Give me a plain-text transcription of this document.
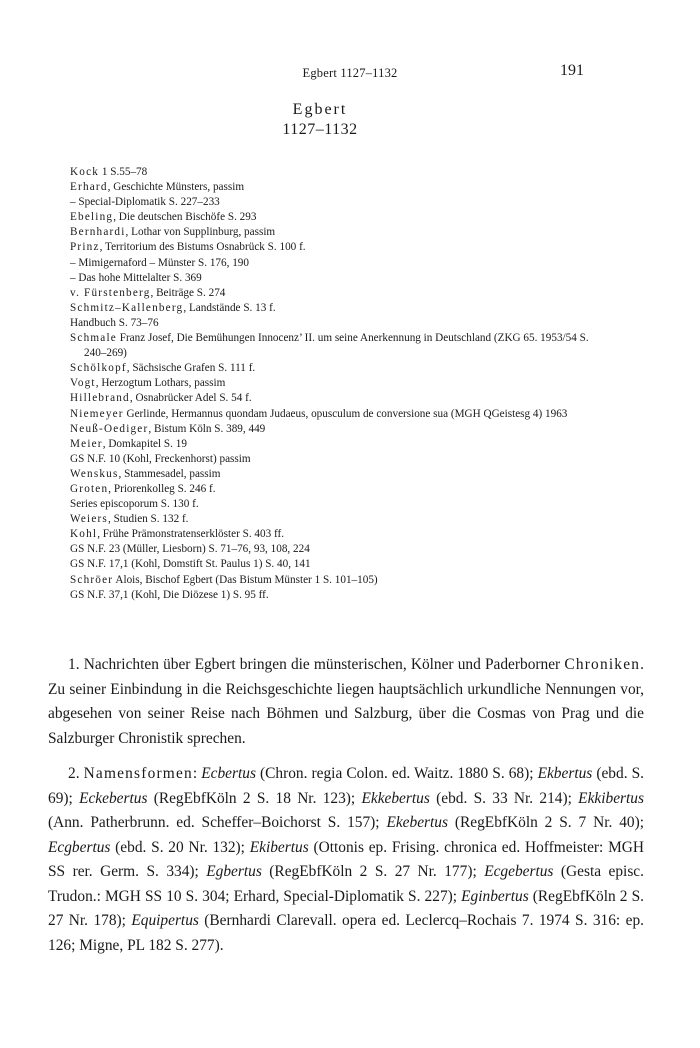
Egbert 1127–1132	191
Egbert
1127–1132
Kock 1 S.55–78
Erhard, Geschichte Münsters, passim
– Special-Diplomatik S. 227–233
Ebeling, Die deutschen Bischöfe S. 293
Bernhardi, Lothar von Supplinburg, passim
Prinz, Territorium des Bistums Osnabrück S. 100 f.
– Mimigernaford – Münster S. 176, 190
– Das hohe Mittelalter S. 369
v. Fürstenberg, Beiträge S. 274
Schmitz–Kallenberg, Landstände S. 13 f.
Handbuch S. 73–76
Schmale Franz Josef, Die Bemühungen Innocenz’ II. um seine Anerkennung in Deutschland (ZKG 65. 1953/54 S. 240–269)
Schölkopf, Sächsische Grafen S. 111 f.
Vogt, Herzogtum Lothars, passim
Hillebrand, Osnabrücker Adel S. 54 f.
Niemeyer Gerlinde, Hermannus quondam Judaeus, opusculum de conversione sua (MGH QGeistesg 4) 1963
Neuß-Oediger, Bistum Köln S. 389, 449
Meier, Domkapitel S. 19
GS N.F. 10 (Kohl, Freckenhorst) passim
Wenskus, Stammesadel, passim
Groten, Priorenkolleg S. 246 f.
Series episcoporum S. 130 f.
Weiers, Studien S. 132 f.
Kohl, Frühe Prämonstratenserklöster S. 403 ff.
GS N.F. 23 (Müller, Liesborn) S. 71–76, 93, 108, 224
GS N.F. 17,1 (Kohl, Domstift St. Paulus 1) S. 40, 141
Schröer Alois, Bischof Egbert (Das Bistum Münster 1 S. 101–105)
GS N.F. 37,1 (Kohl, Die Diözese 1) S. 95 ff.

1. Nachrichten über Egbert bringen die münsterischen, Kölner und Paderborner Chroniken. Zu seiner Einbindung in die Reichsgeschichte liegen hauptsächlich urkundliche Nennungen vor, abgesehen von seiner Reise nach Böhmen und Salzburg, über die Cosmas von Prag und die Salzburger Chronistik sprechen.

2. Namensformen: Ecbertus (Chron. regia Colon. ed. Waitz. 1880 S. 68); Ekbertus (ebd. S. 69); Eckebertus (RegEbfKöln 2 S. 18 Nr. 123); Ekkebertus (ebd. S. 33 Nr. 214); Ekkibertus (Ann. Patherbrunn. ed. Scheffer–Boichorst S. 157); Ekebertus (RegEbfKöln 2 S. 7 Nr. 40); Ecgbertus (ebd. S. 20 Nr. 132); Ekibertus (Ottonis ep. Frising. chronica ed. Hoffmeister: MGH SS rer. Germ. S. 334); Egbertus (RegEbfKöln 2 S. 27 Nr. 177); Ecgebertus (Gesta episc. Trudon.: MGH SS 10 S. 304; Erhard, Special-Diplomatik S. 227); Eginbertus (RegEbfKöln 2 S. 27 Nr. 178); Equipertus (Bernhardi Clarevall. opera ed. Leclercq–Rochais 7. 1974 S. 316: ep. 126; Migne, PL 182 S. 277).
